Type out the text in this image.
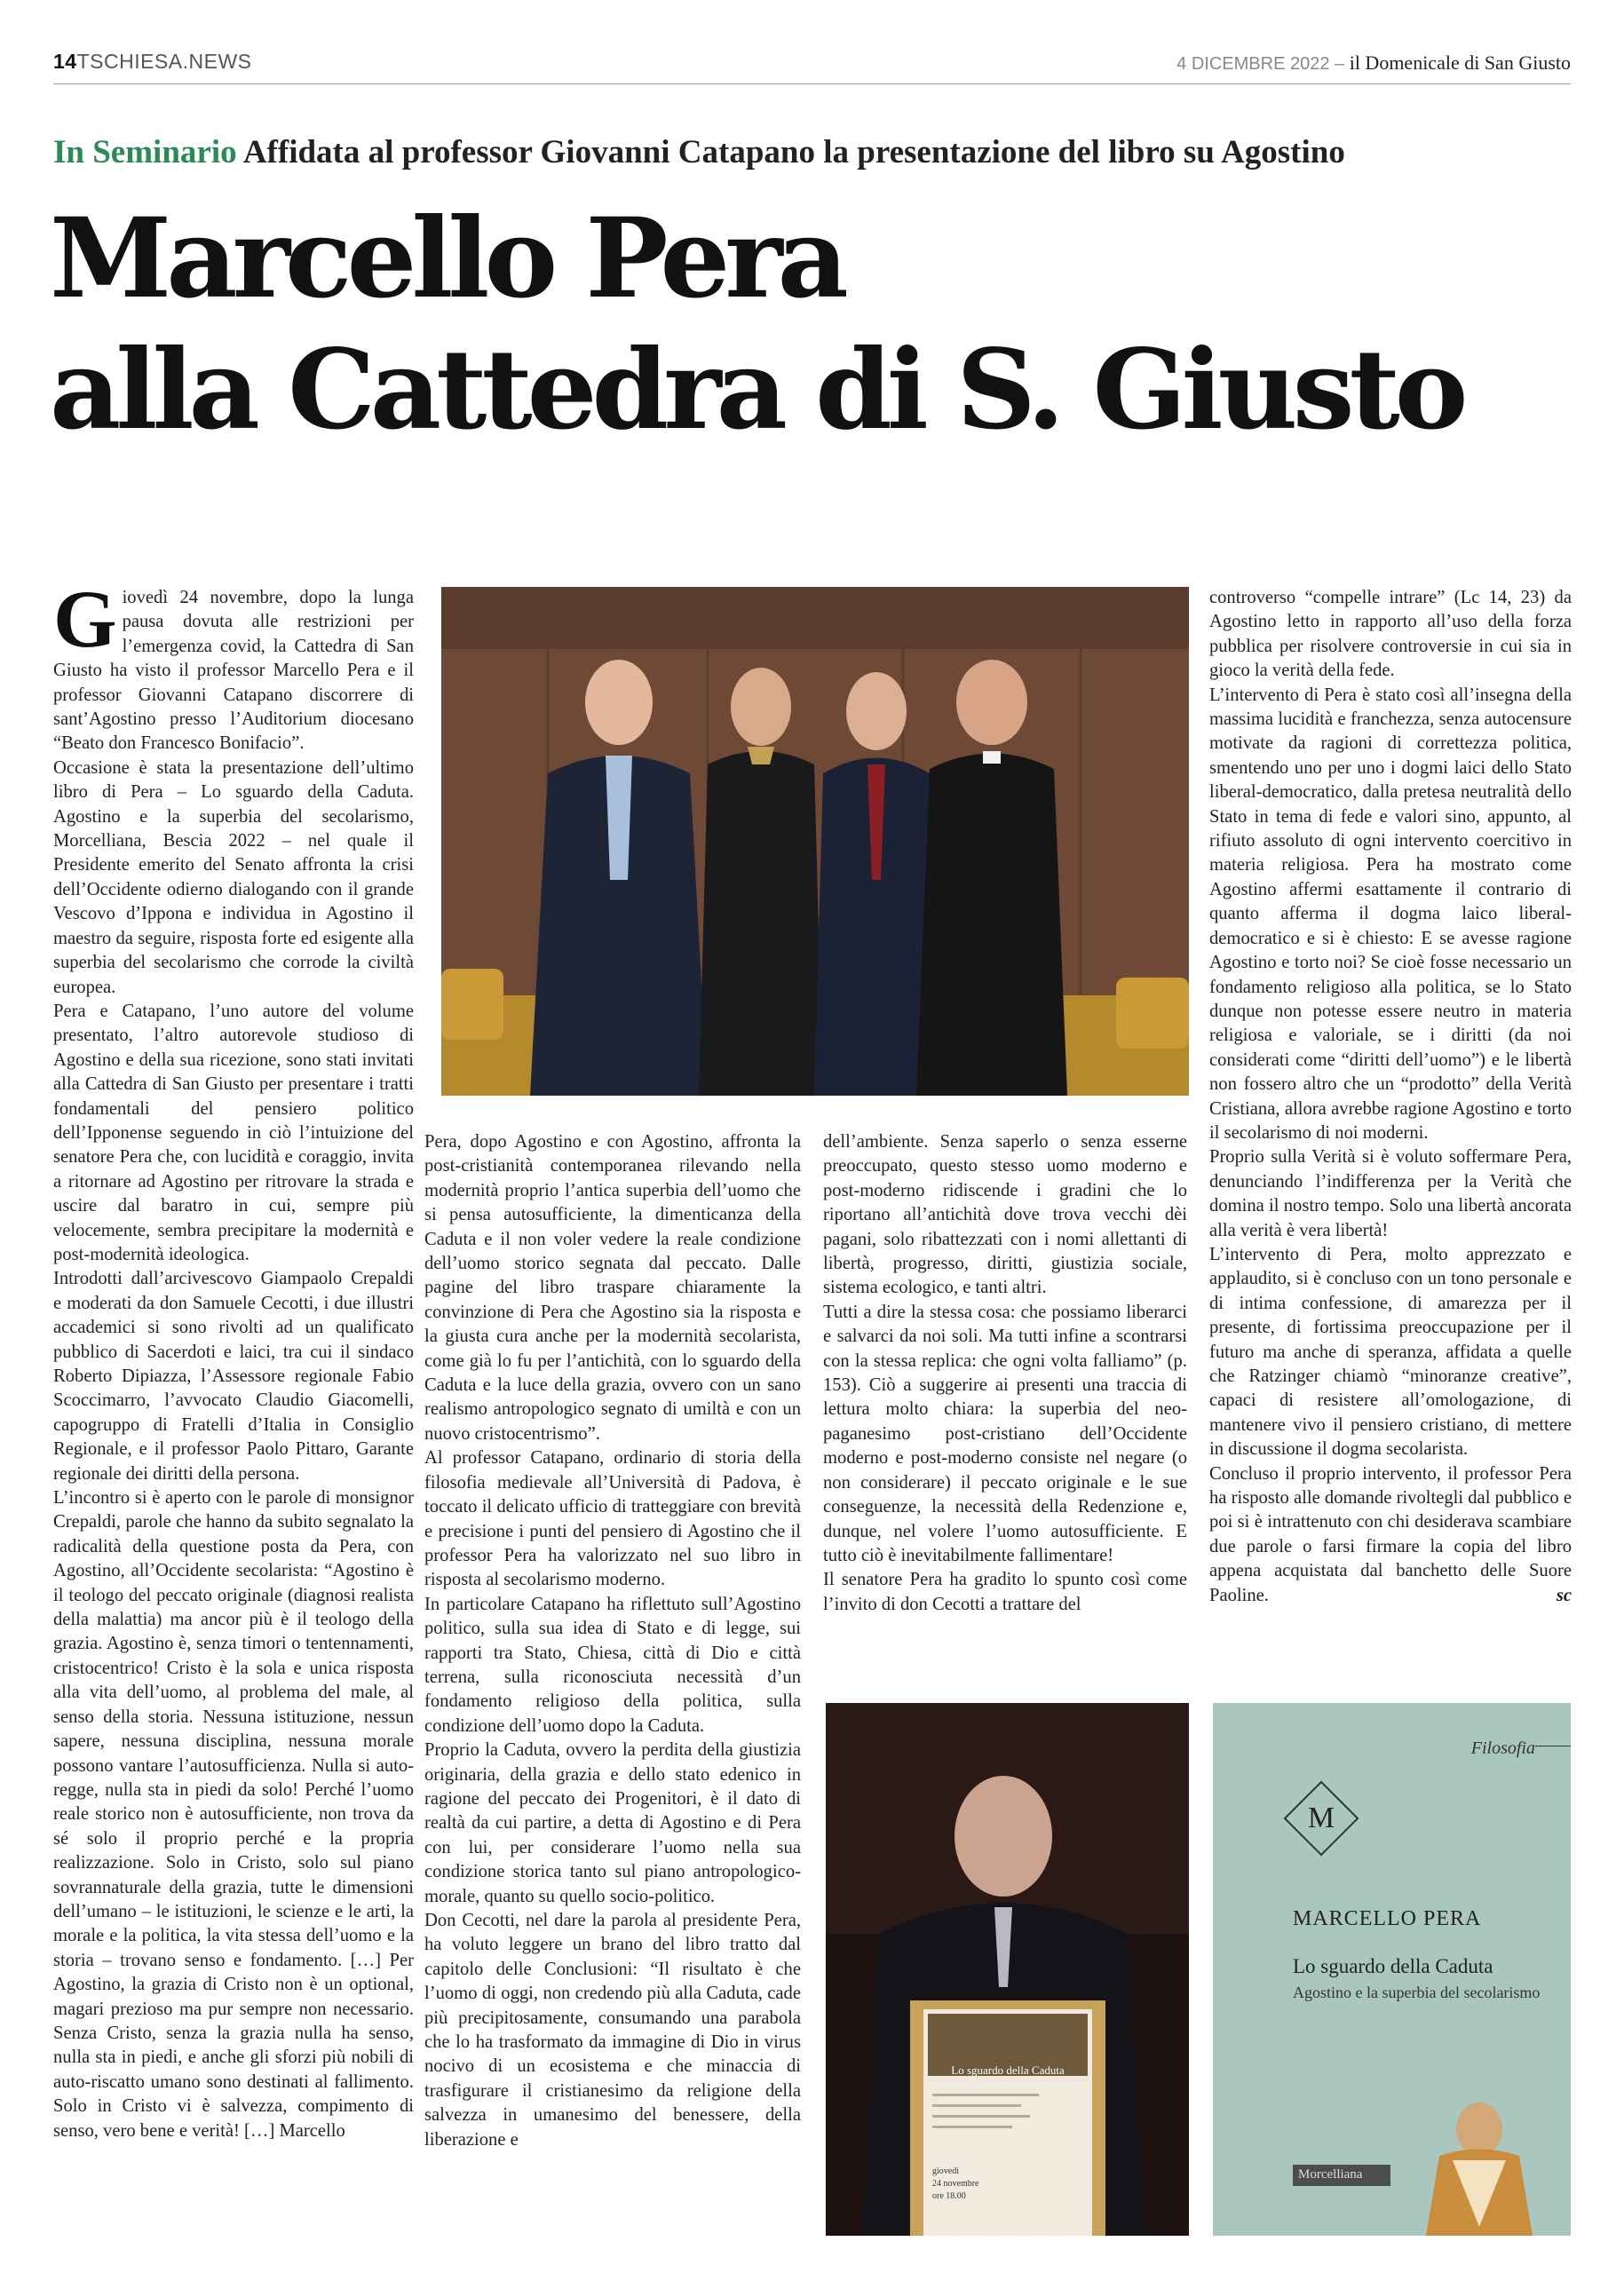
14TSCHIESA.NEWS	4 DICEMBRE 2022 – il Domenicale di San Giusto
In Seminario Affidata al professor Giovanni Catapano la presentazione del libro su Agostino
Marcello Pera
alla Cattedra di S. Giusto

Giovedì 24 novembre, dopo la lunga pausa dovuta alle restrizioni per l’emergenza covid, la Cattedra di San Giusto ha visto il professor Marcello Pera e il professor Giovanni Catapano discorrere di sant’Agostino presso l’Auditorium diocesano “Beato don Francesco Bonifacio”.

Occasione è stata la presentazione dell’ultimo libro di Pera – Lo sguardo della Caduta. Agostino e la superbia del secolarismo, Morcelliana, Bescia 2022 – nel quale il Presidente emerito del Senato affronta la crisi dell’Occidente odierno dialogando con il grande Vescovo d’Ippona e individua in Agostino il maestro da seguire, risposta forte ed esigente alla superbia del secolarismo che corrode la civiltà europea.

Pera e Catapano, l’uno autore del volume presentato, l’altro autorevole studioso di Agostino e della sua ricezione, sono stati invitati alla Cattedra di San Giusto per presentare i tratti fondamentali del pensiero politico dell’Ipponense seguendo in ciò l’intuizione del senatore Pera che, con lucidità e coraggio, invita a ritornare ad Agostino per ritrovare la strada e uscire dal baratro in cui, sempre più velocemente, sembra precipitare la modernità e post-modernità ideologica.

Introdotti dall’arcivescovo Giampaolo Crepaldi e moderati da don Samuele Cecotti, i due illustri accademici si sono rivolti ad un qualificato pubblico di Sacerdoti e laici, tra cui il sindaco Roberto Dipiazza, l’Assessore regionale Fabio Scoccimarro, l’avvocato Claudio Giacomelli, capogruppo di Fratelli d’Italia in Consiglio Regionale, e il professor Paolo Pittaro, Garante regionale dei diritti della persona.

L’incontro si è aperto con le parole di monsignor Crepaldi, parole che hanno da subito segnalato la radicalità della questione posta da Pera, con Agostino, all’Occidente secolarista: “Agostino è il teologo del peccato originale (diagnosi realista della malattia) ma ancor più è il teologo della grazia. Agostino è, senza timori o tentennamenti, cristocentrico! Cristo è la sola e unica risposta alla vita dell’uomo, al problema del male, al senso della storia. Nessuna istituzione, nessun sapere, nessuna disciplina, nessuna morale possono vantare l’autosufficienza. Nulla si auto-regge, nulla sta in piedi da solo! Perché l’uomo reale storico non è autosufficiente, non trova da sé solo il proprio perché e la propria realizzazione. Solo in Cristo, solo sul piano sovrannaturale della grazia, tutte le dimensioni dell’umano – le istituzioni, le scienze e le arti, la morale e la politica, la vita stessa dell’uomo e la storia – trovano senso e fondamento. […] Per Agostino, la grazia di Cristo non è un optional, magari prezioso ma pur sempre non necessario. Senza Cristo, senza la grazia nulla ha senso, nulla sta in piedi, e anche gli sforzi più nobili di auto-riscatto umano sono destinati al fallimento. Solo in Cristo vi è salvezza, compimento di senso, vero bene e verità! […] Marcello

Pera, dopo Agostino e con Agostino, affronta la post-cristianità contemporanea rilevando nella modernità proprio l’antica superbia dell’uomo che si pensa autosufficiente, la dimenticanza della Caduta e il non voler vedere la reale condizione dell’uomo storico segnata dal peccato. Dalle pagine del libro traspare chiaramente la convinzione di Pera che Agostino sia la risposta e la giusta cura anche per la modernità secolarista, come già lo fu per l’antichità, con lo sguardo della Caduta e la luce della grazia, ovvero con un sano realismo antropologico segnato di umiltà e con un nuovo cristocentrismo”.

Al professor Catapano, ordinario di storia della filosofia medievale all’Università di Padova, è toccato il delicato ufficio di tratteggiare con brevità e precisione i punti del pensiero di Agostino che il professor Pera ha valorizzato nel suo libro in risposta al secolarismo moderno.

In particolare Catapano ha riflettuto sull’Agostino politico, sulla sua idea di Stato e di legge, sui rapporti tra Stato, Chiesa, città di Dio e città terrena, sulla riconosciuta necessità d’un fondamento religioso della politica, sulla condizione dell’uomo dopo la Caduta.

Proprio la Caduta, ovvero la perdita della giustizia originaria, della grazia e dello stato edenico in ragione del peccato dei Progenitori, è il dato di realtà da cui partire, a detta di Agostino e di Pera con lui, per considerare l’uomo nella sua condizione storica tanto sul piano antropologico-morale, quanto su quello socio-politico.

Don Cecotti, nel dare la parola al presidente Pera, ha voluto leggere un brano del libro tratto dal capitolo delle Conclusioni: “Il risultato è che l’uomo di oggi, non credendo più alla Caduta, cade più precipitosamente, consumando una parabola che lo ha trasformato da immagine di Dio in virus nocivo di un ecosistema e che minaccia di trasfigurare il cristianesimo da religione della salvezza in umanesimo del benessere, della liberazione e

dell’ambiente. Senza saperlo o senza esserne preoccupato, questo stesso uomo moderno e post-moderno ridiscende i gradini che lo riportano all’antichità dove trova vecchi dèi pagani, solo ribattezzati con i nomi allettanti di libertà, progresso, diritti, giustizia sociale, sistema ecologico, e tanti altri.

Tutti a dire la stessa cosa: che possiamo liberarci e salvarci da noi soli. Ma tutti infine a scontrarsi con la stessa replica: che ogni volta falliamo” (p. 153). Ciò a suggerire ai presenti una traccia di lettura molto chiara: la superbia del neo-paganesimo post-cristiano dell’Occidente moderno e post-moderno consiste nel negare (o non considerare) il peccato originale e le sue conseguenze, la necessità della Redenzione e, dunque, nel volere l’uomo autosufficiente. E tutto ciò è inevitabilmente fallimentare!

Il senatore Pera ha gradito lo spunto così come l’invito di don Cecotti a trattare del

controverso “compelle intrare” (Lc 14, 23) da Agostino letto in rapporto all’uso della forza pubblica per risolvere controversie in cui sia in gioco la verità della fede.

L’intervento di Pera è stato così all’insegna della massima lucidità e franchezza, senza autocensure motivate da ragioni di correttezza politica, smentendo uno per uno i dogmi laici dello Stato liberal-democratico, dalla pretesa neutralità dello Stato in tema di fede e valori sino, appunto, al rifiuto assoluto di ogni intervento coercitivo in materia religiosa. Pera ha mostrato come Agostino affermi esattamente il contrario di quanto afferma il dogma laico liberal-democratico e si è chiesto: E se avesse ragione Agostino e torto noi? Se cioè fosse necessario un fondamento religioso alla politica, se lo Stato dunque non potesse essere neutro in materia religiosa e valoriale, se i diritti (da noi considerati come “diritti dell’uomo”) e le libertà non fossero altro che un “prodotto” della Verità Cristiana, allora avrebbe ragione Agostino e torto il secolarismo di noi moderni.

Proprio sulla Verità si è voluto soffermare Pera, denunciando l’indifferenza per la Verità che domina il nostro tempo. Solo una libertà ancorata alla verità è vera libertà!

L’intervento di Pera, molto apprezzato e applaudito, si è concluso con un tono personale e di intima confessione, di amarezza per il presente, di fortissima preoccupazione per il futuro ma anche di speranza, affidata a quelle che Ratzinger chiamò “minoranze creative”, capaci di resistere all’omologazione, di mantenere vivo il pensiero cristiano, di mettere in discussione il dogma secolarista.

Concluso il proprio intervento, il professor Pera ha risposto alle domande rivoltegli dal pubblico e poi si è intrattenuto con chi desiderava scambiare due parole o farsi firmare la copia del libro appena acquistata dal banchetto delle Suore Paoline.	sc

Lo sguardo della Caduta
giovedì
24 novembre
ore 18.00
Filosofia
M
MARCELLO PERA
Lo sguardo della Caduta
Agostino e la superbia del secolarismo
Morcelliana
